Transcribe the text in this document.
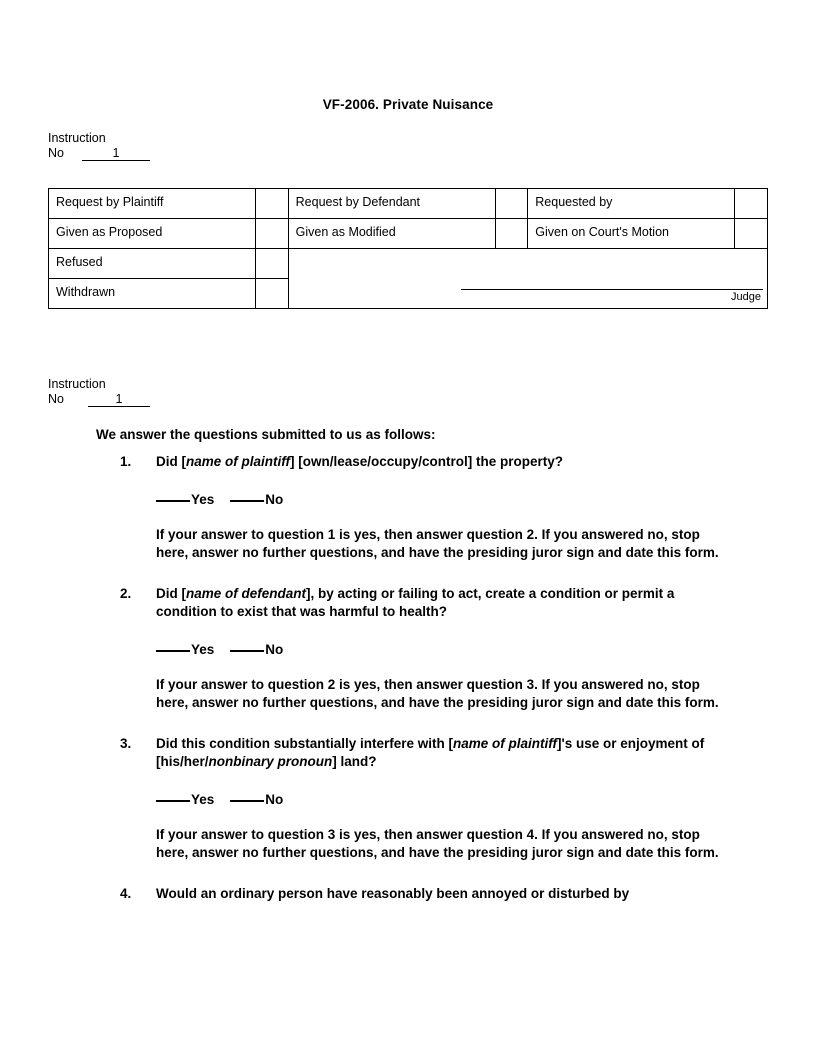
VF-2006. Private Nuisance
Instruction
No	1
Request by Plaintiff		Request by Defendant		Requested by	

Given as Proposed		Given as Modified		Given on Court's Motion	

Refused		Judge			

Withdrawn					

Instruction
No	1
We answer the questions submitted to us as follows:
1. Did [name of plaintiff] [own/lease/occupy/control] the property?
Yes	No
If your answer to question 1 is yes, then answer question 2. If you answered no, stop here, answer no further questions, and have the presiding juror sign and date this form.
2. Did [name of defendant], by acting or failing to act, create a condition or permit a condition to exist that was harmful to health?
Yes	No
If your answer to question 2 is yes, then answer question 3. If you answered no, stop here, answer no further questions, and have the presiding juror sign and date this form.
3. Did this condition substantially interfere with [name of plaintiff]'s use or enjoyment of [his/her/nonbinary pronoun] land?
Yes	No
If your answer to question 3 is yes, then answer question 4. If you answered no, stop here, answer no further questions, and have the presiding juror sign and date this form.
4. Would an ordinary person have reasonably been annoyed or disturbed by
